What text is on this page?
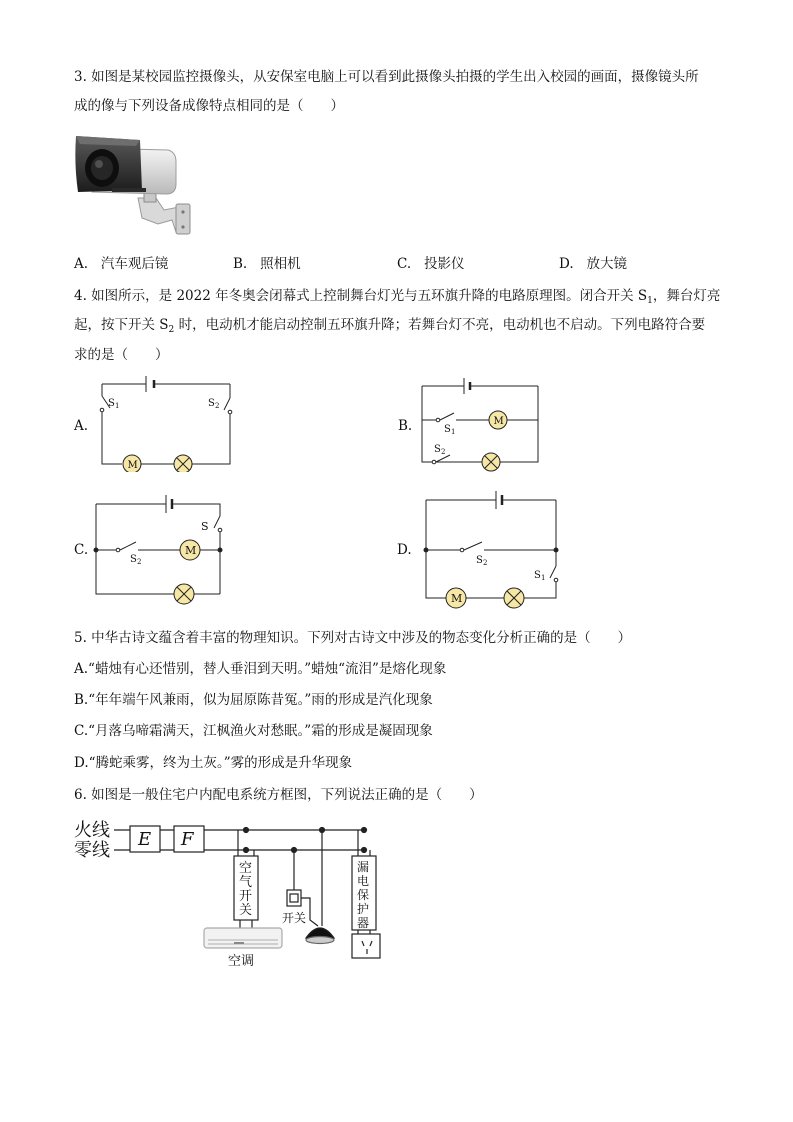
3. 如图是某校园监控摄像头，从安保室电脑上可以看到此摄像头拍摄的学生出入校园的画面，摄像镜头所
成的像与下列设备成像特点相同的是（　　）
A. 汽车观后镜	B. 照相机	C. 投影仪	D. 放大镜
4. 如图所示，是 2022 年冬奥会闭幕式上控制舞台灯光与五环旗升降的电路原理图。闭合开关 $S_1$，舞台灯亮
起，按下开关 $S_2$ 时，电动机才能启动控制五环旗升降；若舞台灯不亮，电动机也不启动。下列电路符合要
求的是（　　）
A.
S 1	S 2
M
B.	S 1
M
S 2
C.
S
S 2
M	D.
S 2
S 1
M
5. 中华古诗文蕴含着丰富的物理知识。下列对古诗文中涉及的物态变化分析正确的是（　　）
A.“蜡烛有心还惜别，替人垂泪到天明。”蜡烛“流泪”是熔化现象
B.“年年端午风兼雨，似为屈原陈昔冤。”雨的形成是汽化现象
C.“月落乌啼霜满天，江枫渔火对愁眠。”霜的形成是凝固现象
D.“腾蛇乘雾，终为土灰。”雾的形成是升华现象
6. 如图是一般住宅户内配电系统方框图，下列说法正确的是（　　）
火线
零线
E F
空
气
开
关
空调
开关
漏
电
保
护
器
